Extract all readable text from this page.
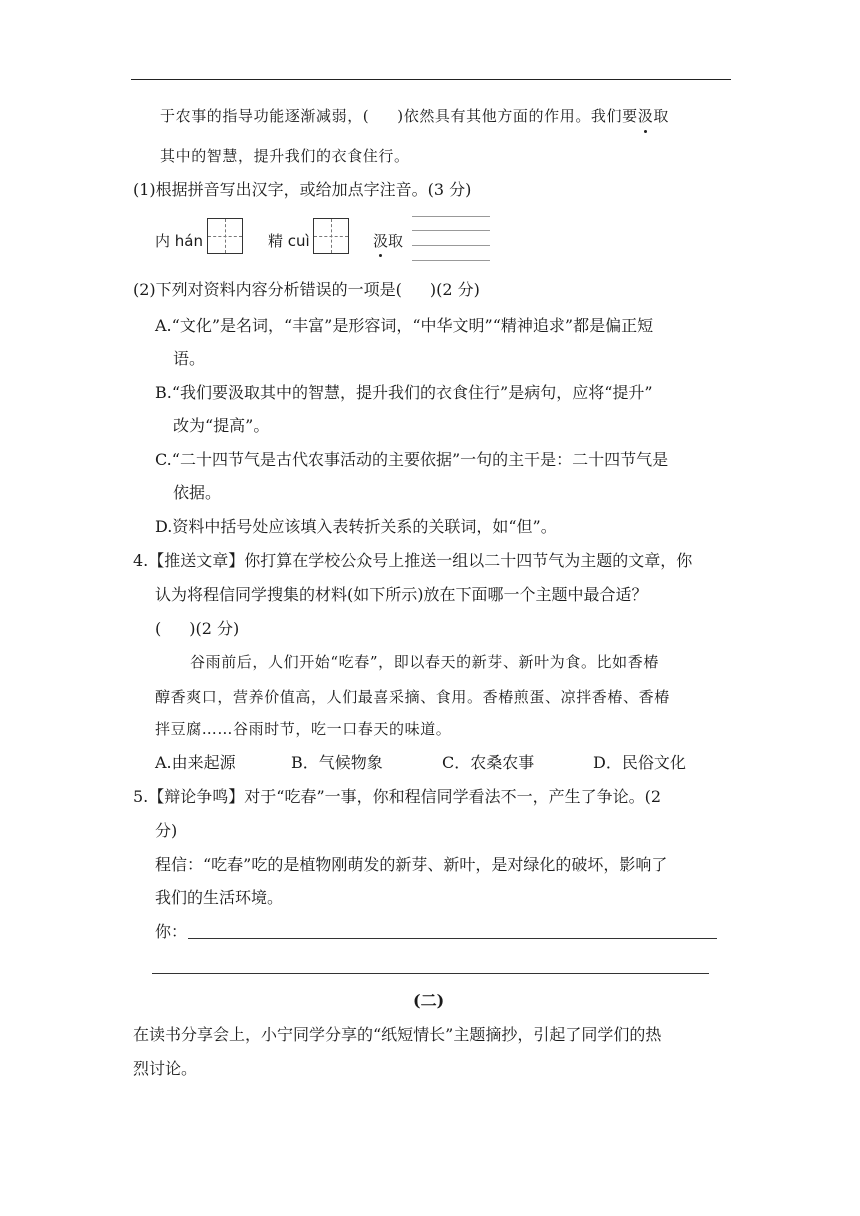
于农事的指导功能逐渐减弱，( )依然具有其他方面的作用。我们要汲取
其中的智慧，提升我们的衣食住行。
(1)根据拼音写出汉字，或给加点字注音。(3 分)
内 hán	精 cuì	汲取
(2)下列对资料内容分析错误的一项是( )(2 分)
A.“文化”是名词，“丰富”是形容词，“中华文明”“精神追求”都是偏正短
语。
B.“我们要汲取其中的智慧，提升我们的衣食住行”是病句，应将“提升”
改为“提高”。
C.“二十四节气是古代农事活动的主要依据”一句的主干是：二十四节气是
依据。
D.资料中括号处应该填入表转折关系的关联词，如“但”。
4.【推送文章】你打算在学校公众号上推送一组以二十四节气为主题的文章，你
认为将程信同学搜集的材料(如下所示)放在下面哪一个主题中最合适？
( )(2 分)
谷雨前后，人们开始“吃春”，即以春天的新芽、新叶为食。比如香椿
醇香爽口，营养价值高，人们最喜采摘、食用。香椿煎蛋、凉拌香椿、香椿
拌豆腐……谷雨时节，吃一口春天的味道。
A.由来起源	B．气候物象	C．农桑农事	D．民俗文化
5.【辩论争鸣】对于“吃春”一事，你和程信同学看法不一，产生了争论。(2
分)
程信：“吃春”吃的是植物刚萌发的新芽、新叶，是对绿化的破坏，影响了
我们的生活环境。
你：
(二)
在读书分享会上，小宁同学分享的“纸短情长”主题摘抄，引起了同学们的热
烈讨论。
